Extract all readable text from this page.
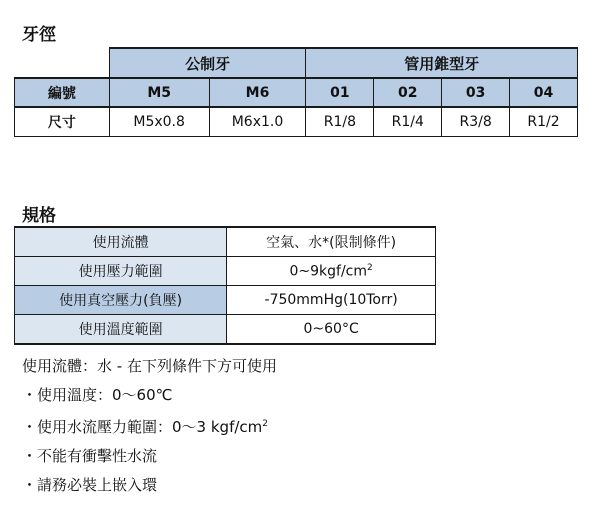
牙徑
	公制牙		管用錐型牙			
編號	M5	M6	01	02	03	04
尺寸	M5x0.8	M6x1.0	R1/8	R1/4	R3/8	R1/2
規格
使用流體	空氣、水*(限制條件)
使用壓力範圍	$0\sim 9kgf/cm^2$
使用真空壓力(負壓)	-750mmHg(10Torr)
使用溫度範圍	0~60°C
使用流體：水 - 在下列條件下方可使用
・使用溫度：0～60℃
・使用水流壓力範圍：0～3 kgf/$cm^2$
・不能有衝擊性水流
・請務必裝上嵌入環
